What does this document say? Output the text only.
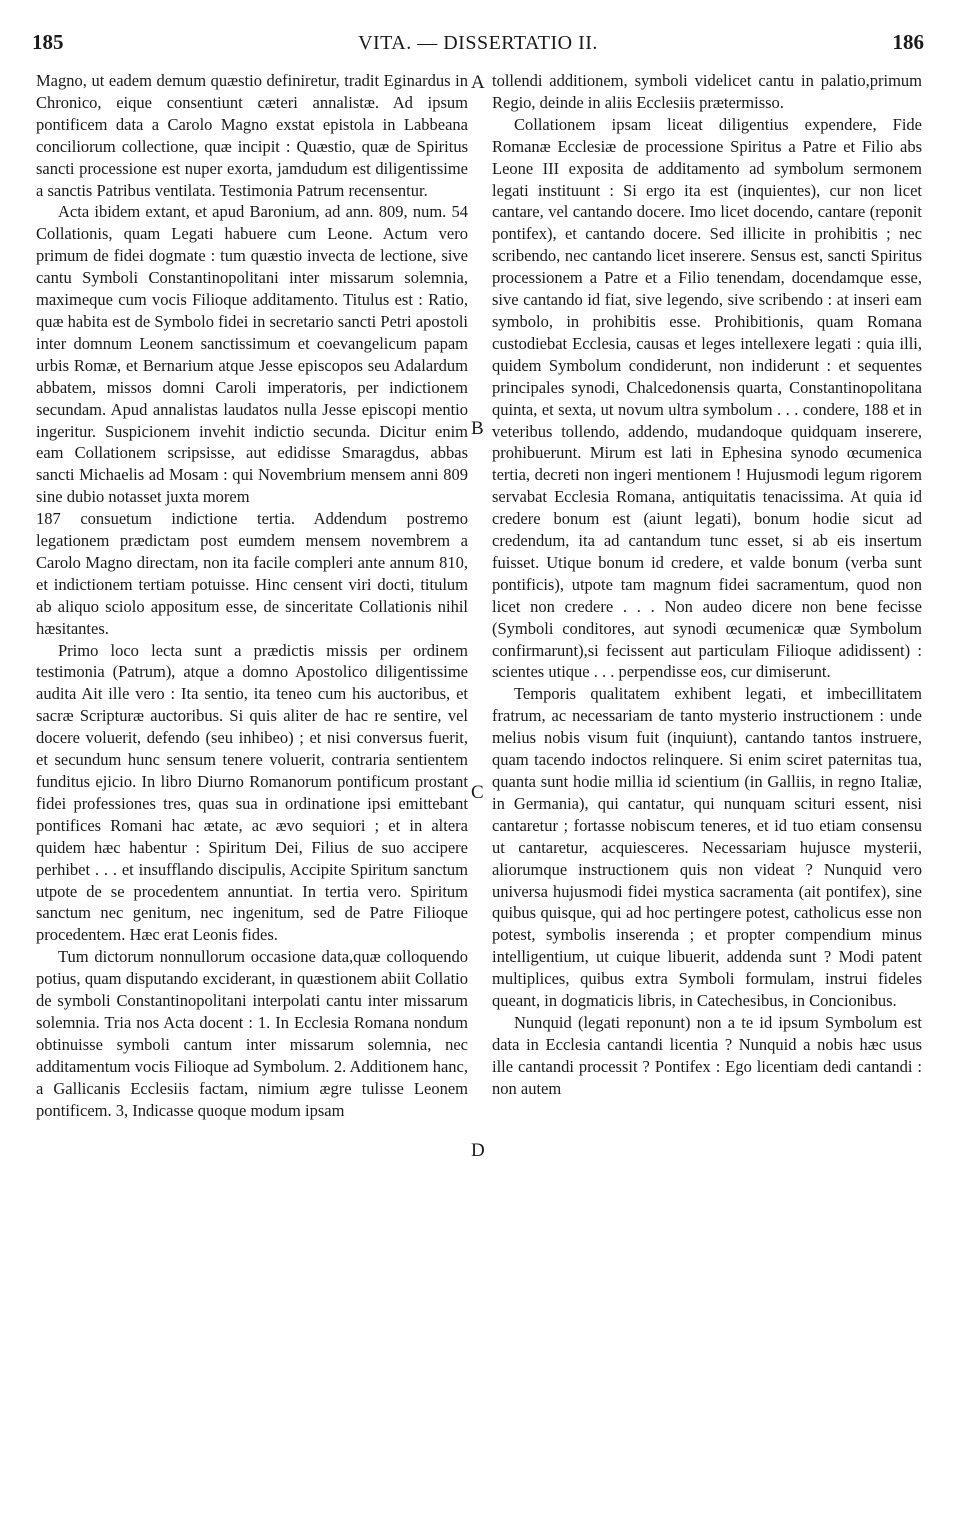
185	VITA. — DISSERTATIO II.	186

Magno, ut eadem demum quæstio definiretur, tradit Eginardus in Chronico, eique consentiunt cæteri annalistæ. Ad ipsum pontificem data a Carolo Magno exstat epistola in Labbeana conciliorum collectione, quæ incipit : Quæstio, quæ de Spiritus sancti processione est nuper exorta, jamdudum est diligentissime a sanctis Patribus ventilata. Testimonia Patrum recensentur.

Acta ibidem extant, et apud Baronium, ad ann. 809, num. 54 Collationis, quam Legati habuere cum Leone. Actum vero primum de fidei dogmate : tum quæstio invecta de lectione, sive cantu Symboli Constantinopolitani inter missarum solemnia, maximeque cum vocis Filioque additamento. Titulus est : Ratio, quæ habita est de Symbolo fidei in secretario sancti Petri apostoli inter domnum Leonem sanctissimum et coevangelicum papam urbis Romæ, et Bernarium atque Jesse episcopos seu Adalardum abbatem, missos domni Caroli imperatoris, per indictionem secundam. Apud annalistas laudatos nulla Jesse episcopi mentio ingeritur. Suspicionem invehit indictio secunda. Dicitur enim eam Collationem scripsisse, aut edidisse Smaragdus, abbas sancti Michaelis ad Mosam : qui Novembrium mensem anni 809 sine dubio notasset juxta morem

187 consuetum indictione tertia. Addendum postremo legationem prædictam post eumdem mensem novembrem a Carolo Magno directam, non ita facile compleri ante annum 810, et indictionem tertiam potuisse. Hinc censent viri docti, titulum ab aliquo sciolo appositum esse, de sinceritate Collationis nihil hæsitantes.

Primo loco lecta sunt a prædictis missis per ordinem testimonia (Patrum), atque a domno Apostolico diligentissime audita Ait ille vero : Ita sentio, ita teneo cum his auctoribus, et sacræ Scripturæ auctoribus. Si quis aliter de hac re sentire, vel docere voluerit, defendo (seu inhibeo) ; et nisi conversus fuerit, et secundum hunc sensum tenere voluerit, contraria sentientem funditus ejicio. In libro Diurno Romanorum pontificum prostant fidei professiones tres, quas sua in ordinatione ipsi emittebant pontifices Romani hac ætate, ac ævo sequiori ; et in altera quidem hæc habentur : Spiritum Dei, Filius de suo accipere perhibet . . . et insufflando discipulis, Accipite Spiritum sanctum utpote de se procedentem annuntiat. In tertia vero. Spiritum sanctum nec genitum, nec ingenitum, sed de Patre Filioque procedentem. Hæc erat Leonis fides.

Tum dictorum nonnullorum occasione data,quæ colloquendo potius, quam disputando exciderant, in quæstionem abiit Collatio de symboli Constantinopolitani interpolati cantu inter missarum solemnia. Tria nos Acta docent : 1. In Ecclesia Romana nondum obtinuisse symboli cantum inter missarum solemnia, nec additamentum vocis Filioque ad Symbolum. 2. Additionem hanc, a Gallicanis Ecclesiis factam, nimium ægre tulisse Leonem pontificem. 3, Indicasse quoque modum ipsam

tollendi additionem, symboli videlicet cantu in palatio,primum Regio, deinde in aliis Ecclesiis prætermisso.

Collationem ipsam liceat diligentius expendere, Fide Romanæ Ecclesiæ de processione Spiritus a Patre et Filio abs Leone III exposita de additamento ad symbolum sermonem legati instituunt : Si ergo ita est (inquientes), cur non licet cantare, vel cantando docere. Imo licet docendo, cantare (reponit pontifex), et cantando docere. Sed illicite in prohibitis ; nec scribendo, nec cantando licet inserere. Sensus est, sancti Spiritus processionem a Patre et a Filio tenendam, docendamque esse, sive cantando id fiat, sive legendo, sive scribendo : at inseri eam symbolo, in prohibitis esse. Prohibitionis, quam Romana custodiebat Ecclesia, causas et leges intellexere legati : quia illi, quidem Symbolum condiderunt, non indiderunt : et sequentes principales synodi, Chalcedonensis quarta, Constantinopolitana quinta, et sexta, ut novum ultra symbolum . . . condere, 188 et in veteribus tollendo, addendo, mudandoque quidquam inserere, prohibuerunt. Mirum est lati in Ephesina synodo œcumenica tertia, decreti non ingeri mentionem ! Hujusmodi legum rigorem servabat Ecclesia Romana, antiquitatis tenacissima. At quia id credere bonum est (aiunt legati), bonum hodie sicut ad credendum, ita ad cantandum tunc esset, si ab eis insertum fuisset. Utique bonum id credere, et valde bonum (verba sunt pontificis), utpote tam magnum fidei sacramentum, quod non licet non credere . . . Non audeo dicere non bene fecisse (Symboli conditores, aut synodi œcumenicæ quæ Symbolum confirmarunt),si fecissent aut particulam Filioque adidissent) : scientes utique . . . perpendisse eos, cur dimiserunt.

Temporis qualitatem exhibent legati, et imbecillitatem fratrum, ac necessariam de tanto mysterio instructionem : unde melius nobis visum fuit (inquiunt), cantando tantos instruere, quam tacendo indoctos relinquere. Si enim sciret paternitas tua, quanta sunt hodie millia id scientium (in Galliis, in regno Italiæ, in Germania), qui cantatur, qui nunquam scituri essent, nisi cantaretur ; fortasse nobiscum teneres, et id tuo etiam consensu ut cantaretur, acquiesceres. Necessariam hujusce mysterii, aliorumque instructionem quis non videat ? Nunquid vero universa hujusmodi fidei mystica sacramenta (ait pontifex), sine quibus quisque, qui ad hoc pertingere potest, catholicus esse non potest, symbolis inserenda ; et propter compendium minus intelligentium, ut cuique libuerit, addenda sunt ? Modi patent multiplices, quibus extra Symboli formulam, instrui fideles queant, in dogmaticis libris, in Catechesibus, in Concionibus.

Nunquid (legati reponunt) non a te id ipsum Symbolum est data in Ecclesia cantandi licentia ? Nunquid a nobis hæc usus ille cantandi processit ? Pontifex : Ego licentiam dedi cantandi : non autem

A
B
C
D
